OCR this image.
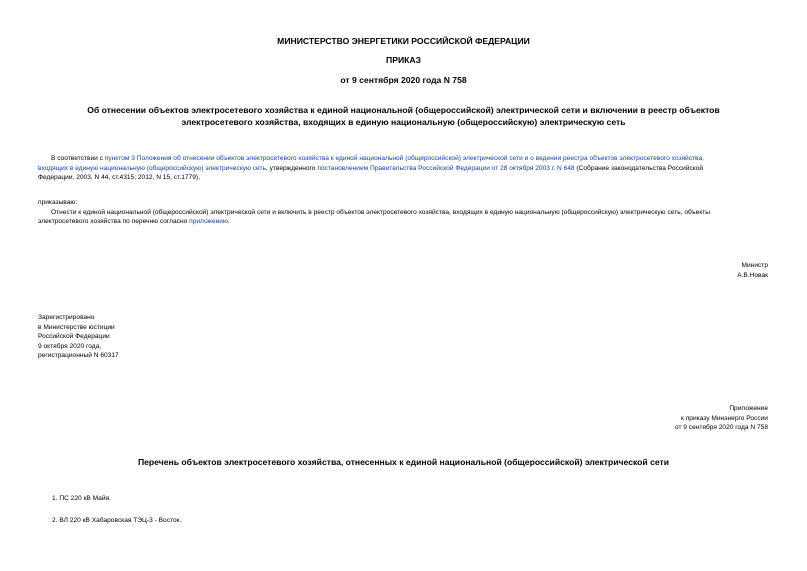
МИНИСТЕРСТВО ЭНЕРГЕТИКИ РОССИЙСКОЙ ФЕДЕРАЦИИ
ПРИКАЗ
от 9 сентября 2020 года N 758
Об отнесении объектов электросетевого хозяйства к единой национальной (общероссийской) электрической сети и включении в реестр объектов
электросетевого хозяйства, входящих в единую национальную (общероссийскую) электрическую сеть
В соответствии с пунктом 3 Положения об отнесении объектов электросетевого хозяйства к единой национальной (общероссийской) электрической сети и о ведении реестра объектов электросетевого хозяйства,
входящих в единую национальную (общероссийскую) электрическую сеть, утвержденного постановлением Правительства Российской Федерации от 28 октября 2003 г. N 648 (Собрание законодательства Российской
Федерации, 2003, N 44, ст.4315; 2012, N 15, ст.1779),
приказываю:
Отнести к единой национальной (общероссийской) электрической сети и включить в реестр объектов электросетевого хозяйства, входящих в единую национальную (общероссийскую) электрическую сеть, объекты
электросетевого хозяйства по перечню согласно приложению.
Министр
А.В.Новак
Зарегистрировано
в Министерстве юстиции
Российской Федерации
9 октября 2020 года,
регистрационный N 60317
Приложение
к приказу Минэнерго России
от 9 сентября 2020 года N 758
Перечень объектов электросетевого хозяйства, отнесенных к единой национальной (общероссийской) электрической сети
1. ПС 220 кВ Майя.
2. ВЛ 220 кВ Хабаровская ТЭЦ-3 - Восток.
